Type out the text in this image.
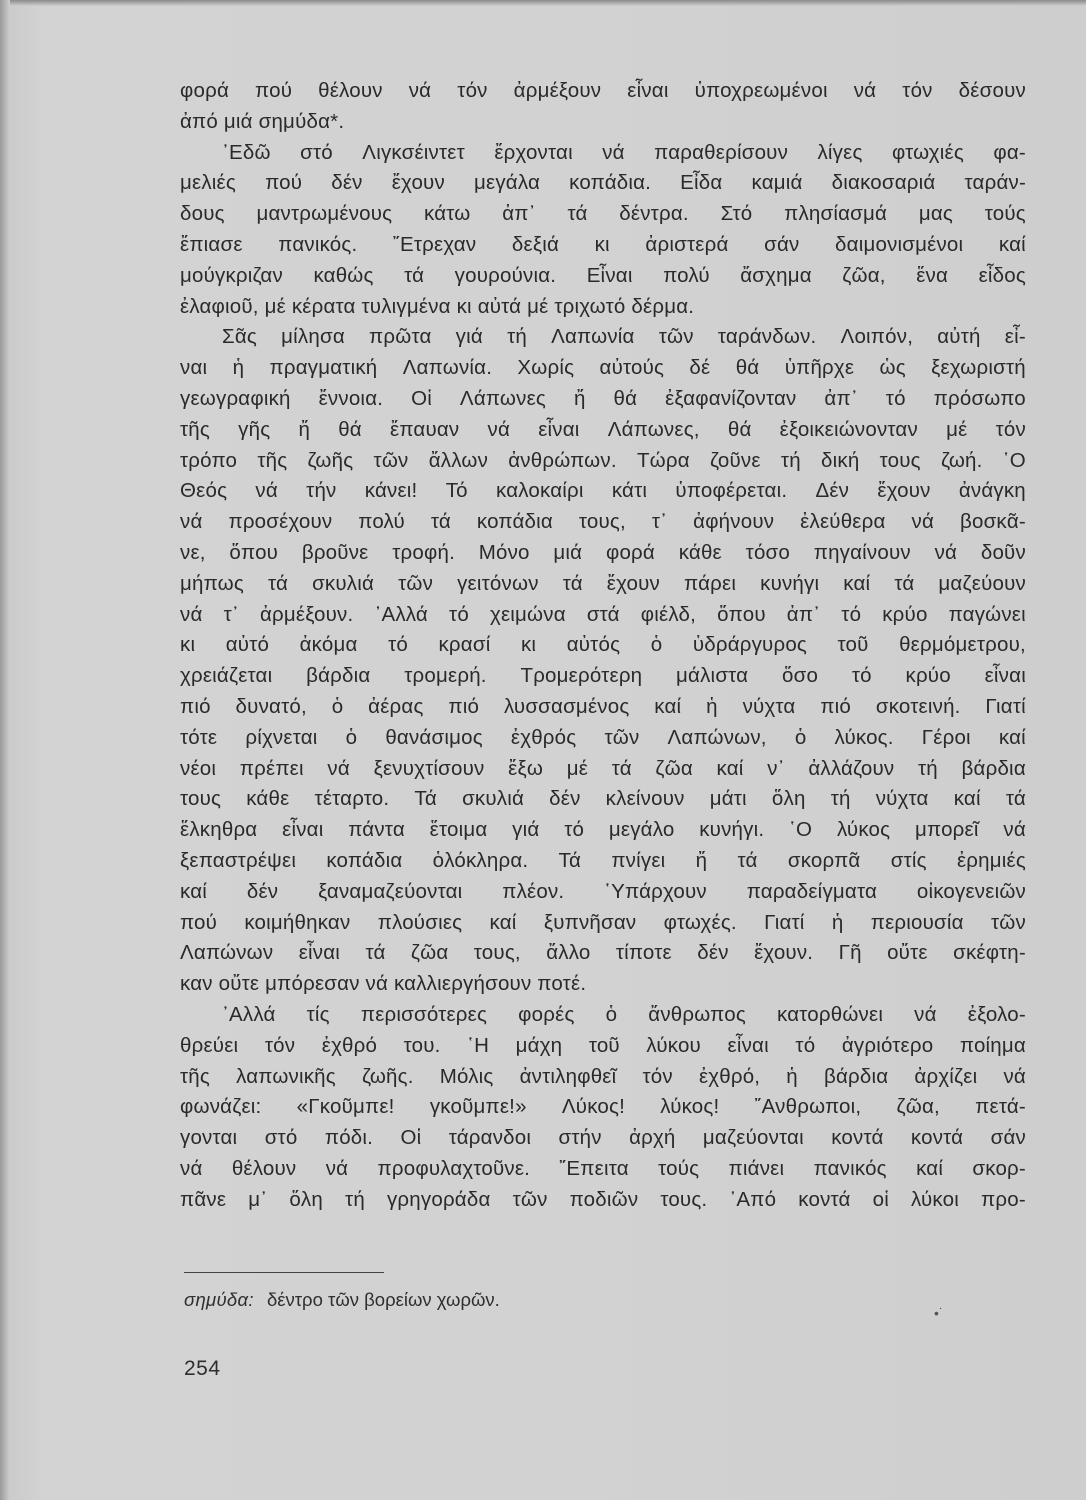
φορά πού θέλουν νά τόν ἀρμέξουν εἶναι ὑποχρεωμένοι νά τόν δέσουν
ἀπό μιά σημύδα*.
᾿Εδῶ στό Λιγκσέιντετ ἔρχονται νά παραθερίσουν λίγες φτωχιές φα-
μελιές πού δέν ἔχουν μεγάλα κοπάδια. Εἶδα καμιά διακοσαριά ταράν-
δους μαντρωμένους κάτω ἀπ᾿ τά δέντρα. Στό πλησίασμά μας τούς
ἔπιασε πανικός. ῎Ετρεχαν δεξιά κι ἀριστερά σάν δαιμονισμένοι καί
μούγκριζαν καθώς τά γουρούνια. Εἶναι πολύ ἄσχημα ζῶα, ἕνα εἶδος
ἐλαφιοῦ, μέ κέρατα τυλιγμένα κι αὐτά μέ τριχωτό δέρμα.
Σᾶς μίλησα πρῶτα γιά τή Λαπωνία τῶν ταράνδων. Λοιπόν, αὐτή εἶ-
ναι ἡ πραγματική Λαπωνία. Χωρίς αὐτούς δέ θά ὑπῆρχε ὡς ξεχωριστή
γεωγραφική ἔννοια. Οἱ Λάπωνες ἤ θά ἐξαφανίζονταν ἀπ᾿ τό πρόσωπο
τῆς γῆς ἤ θά ἔπαυαν νά εἶναι Λάπωνες, θά ἐξοικειώνονταν μέ τόν
τρόπο τῆς ζωῆς τῶν ἄλλων ἀνθρώπων. Τώρα ζοῦνε τή δική τους ζωή. ῾Ο
Θεός νά τήν κάνει! Τό καλοκαίρι κάτι ὑποφέρεται. Δέν ἔχουν ἀνάγκη
νά προσέχουν πολύ τά κοπάδια τους, τ᾿ ἀφήνουν ἐλεύθερα νά βοσκᾶ-
νε, ὅπου βροῦνε τροφή. Μόνο μιά φορά κάθε τόσο πηγαίνουν νά δοῦν
μήπως τά σκυλιά τῶν γειτόνων τά ἔχουν πάρει κυνήγι καί τά μαζεύουν
νά τ᾿ ἀρμέξουν. ᾿Αλλά τό χειμώνα στά φιέλδ, ὅπου ἀπ᾿ τό κρύο παγώνει
κι αὐτό ἀκόμα τό κρασί κι αὐτός ὁ ὑδράργυρος τοῦ θερμόμετρου,
χρειάζεται βάρδια τρομερή. Τρομερότερη μάλιστα ὅσο τό κρύο εἶναι
πιό δυνατό, ὁ ἀέρας πιό λυσσασμένος καί ἡ νύχτα πιό σκοτεινή. Γιατί
τότε ρίχνεται ὁ θανάσιμος ἐχθρός τῶν Λαπώνων, ὁ λύκος. Γέροι καί
νέοι πρέπει νά ξενυχτίσουν ἔξω μέ τά ζῶα καί ν᾿ ἀλλάζουν τή βάρδια
τους κάθε τέταρτο. Τά σκυλιά δέν κλείνουν μάτι ὅλη τή νύχτα καί τά
ἕλκηθρα εἶναι πάντα ἕτοιμα γιά τό μεγάλο κυνήγι. ῾Ο λύκος μπορεῖ νά
ξεπαστρέψει κοπάδια ὁλόκληρα. Τά πνίγει ἤ τά σκορπᾶ στίς ἐρημιές
καί δέν ξαναμαζεύονται πλέον. ῾Υπάρχουν παραδείγματα οἰκογενειῶν
πού κοιμήθηκαν πλούσιες καί ξυπνῆσαν φτωχές. Γιατί ἡ περιουσία τῶν
Λαπώνων εἶναι τά ζῶα τους, ἄλλο τίποτε δέν ἔχουν. Γῆ οὔτε σκέφτη-
καν οὔτε μπόρεσαν νά καλλιεργήσουν ποτέ.
᾿Αλλά τίς περισσότερες φορές ὁ ἄνθρωπος κατορθώνει νά ἐξολο-
θρεύει τόν ἐχθρό του. ῾Η μάχη τοῦ λύκου εἶναι τό ἀγριότερο ποίημα
τῆς λαπωνικῆς ζωῆς. Μόλις ἀντιληφθεῖ τόν ἐχθρό, ἡ βάρδια ἀρχίζει νά
φωνάζει: «Γκοῦμπε! γκοῦμπε!» Λύκος! λύκος! ῎Ανθρωποι, ζῶα, πετά-
γονται στό πόδι. Οἱ τάρανδοι στήν ἀρχή μαζεύονται κοντά κοντά σάν
νά θέλουν νά προφυλαχτοῦνε. ῎Επειτα τούς πιάνει πανικός καί σκορ-
πᾶνε μ᾿ ὅλη τή γρηγοράδα τῶν ποδιῶν τους. ᾿Από κοντά οἱ λύκοι προ-
σημύδα: δέντρο τῶν βορείων χωρῶν.
254
•˙
